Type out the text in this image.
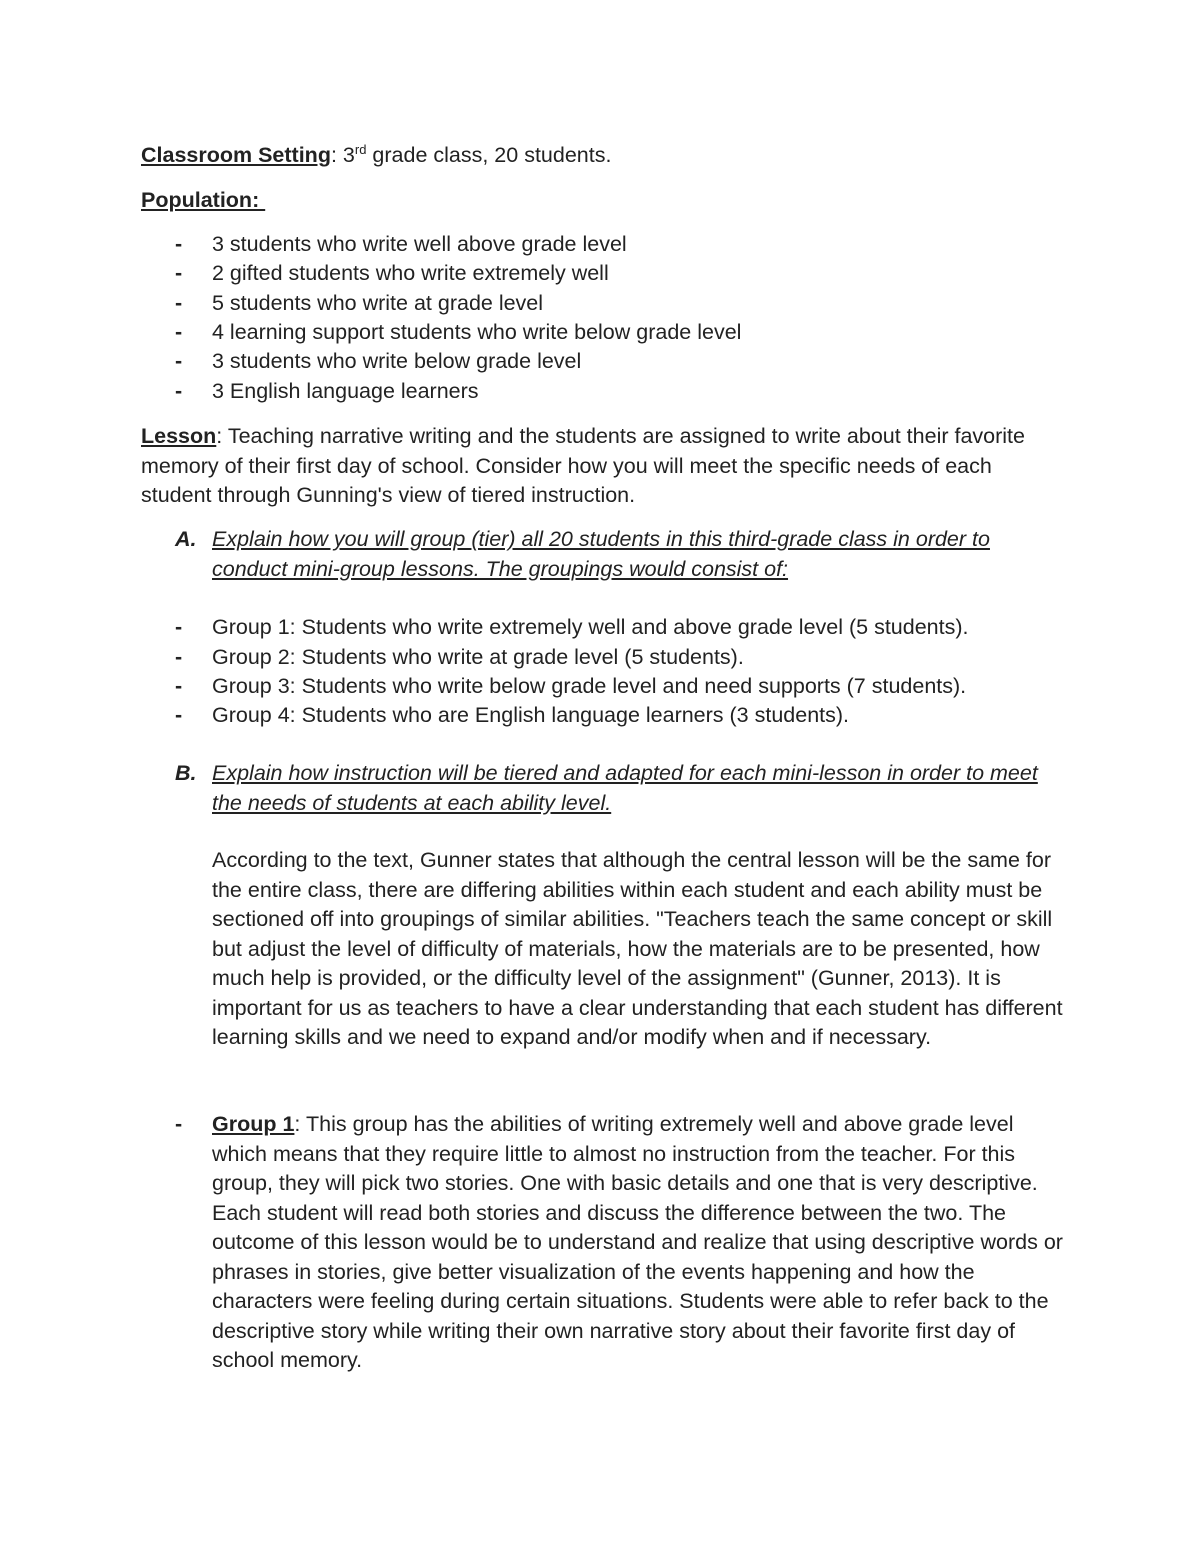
Classroom Setting: 3rd grade class, 20 students.
Population:
- 3 students who write well above grade level
- 2 gifted students who write extremely well
- 5 students who write at grade level
- 4 learning support students who write below grade level
- 3 students who write below grade level
- 3 English language learners
Lesson: Teaching narrative writing and the students are assigned to write about their favorite memory of their first day of school. Consider how you will meet the specific needs of each student through Gunning's view of tiered instruction.
A. Explain how you will group (tier) all 20 students in this third-grade class in order to conduct mini-group lessons. The groupings would consist of:
- Group 1: Students who write extremely well and above grade level (5 students).
- Group 2: Students who write at grade level (5 students).
- Group 3: Students who write below grade level and need supports (7 students).
- Group 4: Students who are English language learners (3 students).
B. Explain how instruction will be tiered and adapted for each mini-lesson in order to meet the needs of students at each ability level.
According to the text, Gunner states that although the central lesson will be the same for the entire class, there are differing abilities within each student and each ability must be sectioned off into groupings of similar abilities. "Teachers teach the same concept or skill but adjust the level of difficulty of materials, how the materials are to be presented, how much help is provided, or the difficulty level of the assignment" (Gunner, 2013). It is important for us as teachers to have a clear understanding that each student has different learning skills and we need to expand and/or modify when and if necessary.
- Group 1: This group has the abilities of writing extremely well and above grade level which means that they require little to almost no instruction from the teacher. For this group, they will pick two stories. One with basic details and one that is very descriptive. Each student will read both stories and discuss the difference between the two. The outcome of this lesson would be to understand and realize that using descriptive words or phrases in stories, give better visualization of the events happening and how the characters were feeling during certain situations. Students were able to refer back to the descriptive story while writing their own narrative story about their favorite first day of school memory.
